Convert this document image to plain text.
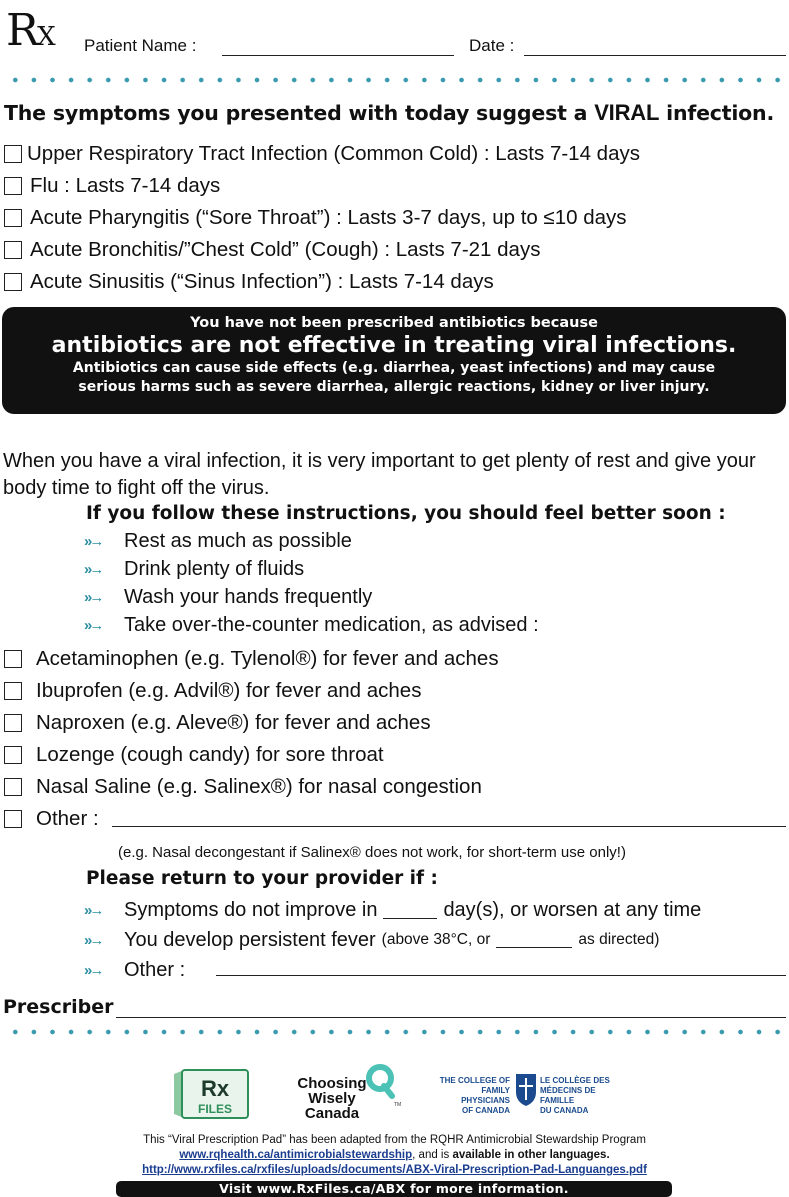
RX Patient Name :	Date :
The symptoms you presented with today suggest a VIRAL infection.
Upper Respiratory Tract Infection (Common Cold) : Lasts 7-14 days
Flu : Lasts 7-14 days
Acute Pharyngitis (“Sore Throat”) : Lasts 3-7 days, up to ≤10 days
Acute Bronchitis/”Chest Cold” (Cough) : Lasts 7-21 days
Acute Sinusitis (“Sinus Infection”) : Lasts 7-14 days
You have not been prescribed antibiotics because
antibiotics are not effective in treating viral infections.
Antibiotics can cause side effects (e.g. diarrhea, yeast infections) and may cause
serious harms such as severe diarrhea, allergic reactions, kidney or liver injury.
When you have a viral infection, it is very important to get plenty of rest and give your body time to fight off the virus.
If you follow these instructions, you should feel better soon :
»→	Rest as much as possible
»→	Drink plenty of fluids
»→	Wash your hands frequently
»→	Take over-the-counter medication, as advised :
Acetaminophen (e.g. Tylenol®) for fever and aches
Ibuprofen (e.g. Advil®) for fever and aches
Naproxen (e.g. Aleve®) for fever and aches
Lozenge (cough candy) for sore throat
Nasal Saline (e.g. Salinex®) for nasal congestion
Other :
(e.g. Nasal decongestant if Salinex® does not work, for short-term use only!)
Please return to your provider if :
»→	Symptoms do not improve in	day(s), or worsen at any time
»→	You develop persistent fever (above 38°C, or	as directed)
»→	Other :
Prescriber
Rx
FILES
Choosing
Wisely
Canada	TM
THE COLLEGE OF
FAMILY PHYSICIANS
OF CANADA
LE COLLÈGE DES
MÉDECINS DE FAMILLE
DU CANADA
This “Viral Prescription Pad” has been adapted from the RQHR Antimicrobial Stewardship Program
www.rqhealth.ca/antimicrobialstewardship, and is available in other languages.
http://www.rxfiles.ca/rxfiles/uploads/documents/ABX-Viral-Prescription-Pad-Languanges.pdf
Visit www.RxFiles.ca/ABX for more information.
